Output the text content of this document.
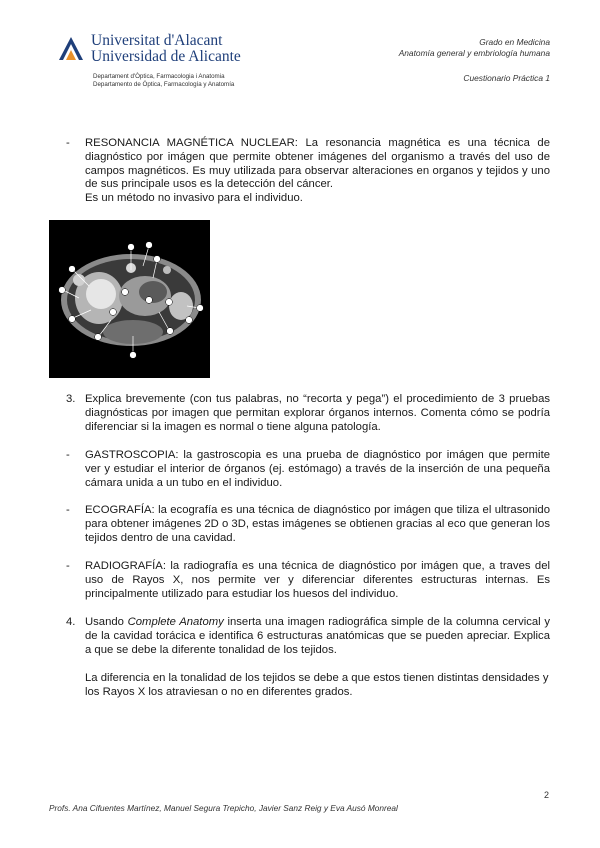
Universitat d'Alacant
Universidad de Alicante
Departament d'Òptica, Farmacologia i Anatomia
Departamento de Óptica, Farmacología y Anatomía
Grado en Medicina
Anatomía general y embriología humana
Cuestionario Práctica 1
- RESONANCIA MAGNÉTICA NUCLEAR: La resonancia magnética es una técnica de diagnóstico por imágen que permite obtener imágenes del organismo a través del uso de campos magnéticos. Es muy utilizada para observar alteraciones en organos y tejidos y uno de sus principale usos es la detección del cáncer.
Es un método no invasivo para el individuo.
3. Explica brevemente (con tus palabras, no “recorta y pega”) el procedimiento de 3 pruebas diagnósticas por imagen que permitan explorar órganos internos. Comenta cómo se podría diferenciar si la imagen es normal o tiene alguna patología.
- GASTROSCOPIA: la gastroscopia es una prueba de diagnóstico por imágen que permite ver y estudiar el interior de órganos (ej. estómago) a través de la inserción de una pequeña cámara unida a un tubo en el individuo.
- ECOGRAFÍA: la ecografía es una técnica de diagnóstico por imágen que tiliza el ultrasonido para obtener imágenes 2D o 3D, estas imágenes se obtienen gracias al eco que generan los tejidos dentro de una cavidad.
- RADIOGRAFÍA: la radiografía es una técnica de diagnóstico por imágen que, a traves del uso de Rayos X, nos permite ver y diferenciar diferentes estructuras internas. Es principalmente utilizado para estudiar los huesos del individuo.
4. Usando Complete Anatomy inserta una imagen radiográfica simple de la columna cervical y de la cavidad torácica e identifica 6 estructuras anatómicas que se pueden apreciar. Explica a que se debe la diferente tonalidad de los tejidos.
La diferencia en la tonalidad de los tejidos se debe a que estos tienen distintas densidades y los Rayos X los atraviesan o no en diferentes grados.
2
Profs. Ana Cifuentes Martínez, Manuel Segura Trepicho, Javier Sanz Reig y Eva Ausó Monreal
